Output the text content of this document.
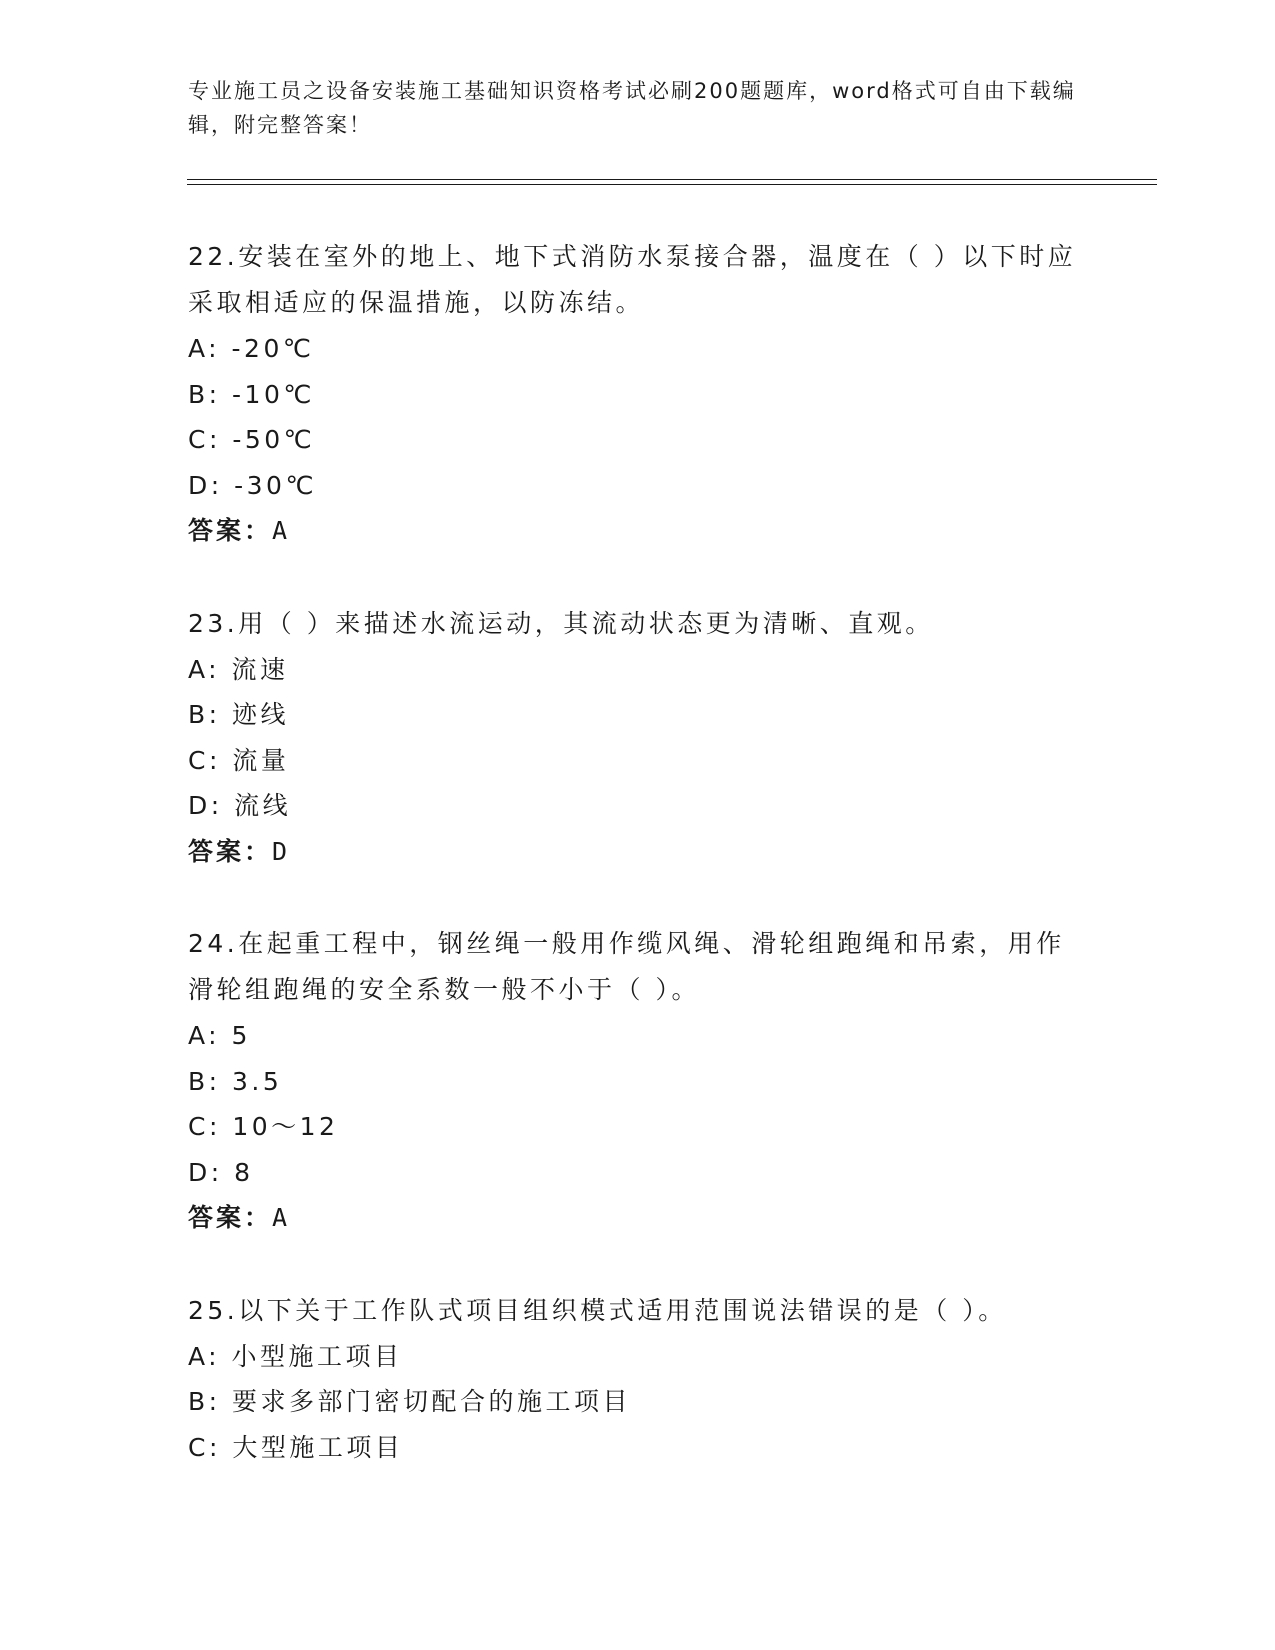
专业施工员之设备安装施工基础知识资格考试必刷200题题库，word格式可自由下载编辑，附完整答案！
22.安装在室外的地上、地下式消防水泵接合器，温度在（ ）以下时应采取相适应的保温措施，以防冻结。
A: -20℃
B: -10℃
C: -50℃
D: -30℃
答案：A
23.用（ ）来描述水流运动，其流动状态更为清晰、直观。
A: 流速
B: 迹线
C: 流量
D: 流线
答案：D
24.在起重工程中，钢丝绳一般用作缆风绳、滑轮组跑绳和吊索，用作滑轮组跑绳的安全系数一般不小于（ ）。
A: 5
B: 3.5
C: 10～12
D: 8
答案：A
25.以下关于工作队式项目组织模式适用范围说法错误的是（ ）。
A: 小型施工项目
B: 要求多部门密切配合的施工项目
C: 大型施工项目
